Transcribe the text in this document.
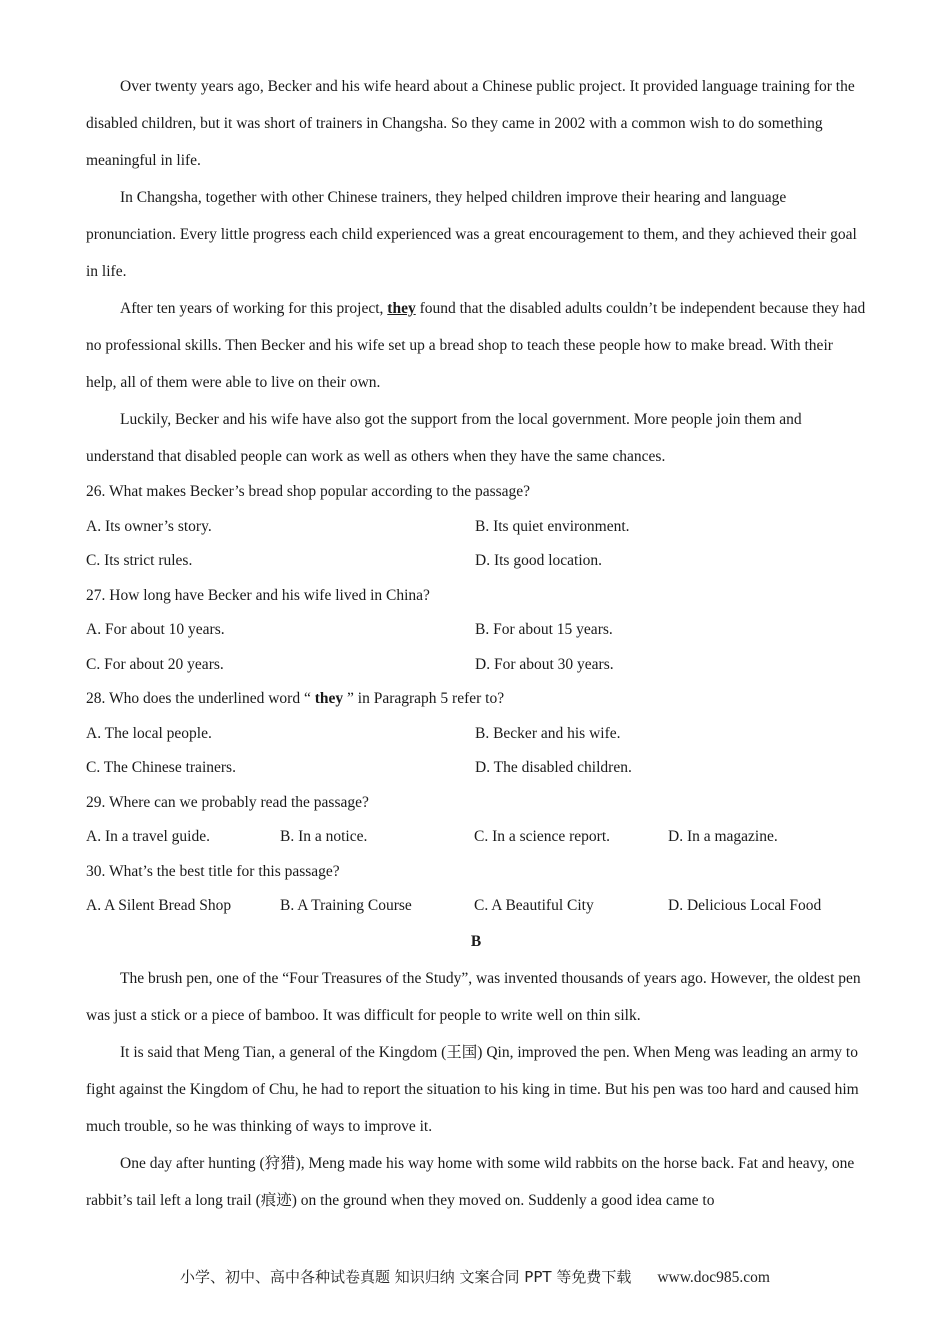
Over twenty years ago, Becker and his wife heard about a Chinese public project. It provided language training for the disabled children, but it was short of trainers in Changsha. So they came in 2002 with a common wish to do something meaningful in life.

In Changsha, together with other Chinese trainers, they helped children improve their hearing and language pronunciation. Every little progress each child experienced was a great encouragement to them, and they achieved their goal in life.

After ten years of working for this project, they found that the disabled adults couldn’t be independent because they had no professional skills. Then Becker and his wife set up a bread shop to teach these people how to make bread. With their help, all of them were able to live on their own.

Luckily, Becker and his wife have also got the support from the local government. More people join them and understand that disabled people can work as well as others when they have the same chances.

26. What makes Becker’s bread shop popular according to the passage?

A. Its owner’s story.	B. Its quiet environment.
C. Its strict rules.	D. Its good location.

27. How long have Becker and his wife lived in China?

A. For about 10 years.	B. For about 15 years.
C. For about 20 years.	D. For about 30 years.

28. Who does the underlined word “ they ” in Paragraph 5 refer to?

A. The local people.	B. Becker and his wife.
C. The Chinese trainers.	D. The disabled children.

29. Where can we probably read the passage?

A. In a travel guide.	B. In a notice.	C. In a science report.	D. In a magazine.

30. What’s the best title for this passage?

A. A Silent Bread Shop	B. A Training Course	C. A Beautiful City	D. Delicious Local Food

B

The brush pen, one of the “Four Treasures of the Study”, was invented thousands of years ago. However, the oldest pen was just a stick or a piece of bamboo. It was difficult for people to write well on thin silk.

It is said that Meng Tian, a general of the Kingdom (王国) Qin, improved the pen. When Meng was leading an army to fight against the Kingdom of Chu, he had to report the situation to his king in time. But his pen was too hard and caused him much trouble, so he was thinking of ways to improve it.

One day after hunting (狩猎), Meng made his way home with some wild rabbits on the horse back. Fat and heavy, one rabbit’s tail left a long trail (痕迹) on the ground when they moved on. Suddenly a good idea came to

小学、初中、高中各种试卷真题 知识归纳 文案合同 PPT 等免费下载 www.doc985.com
